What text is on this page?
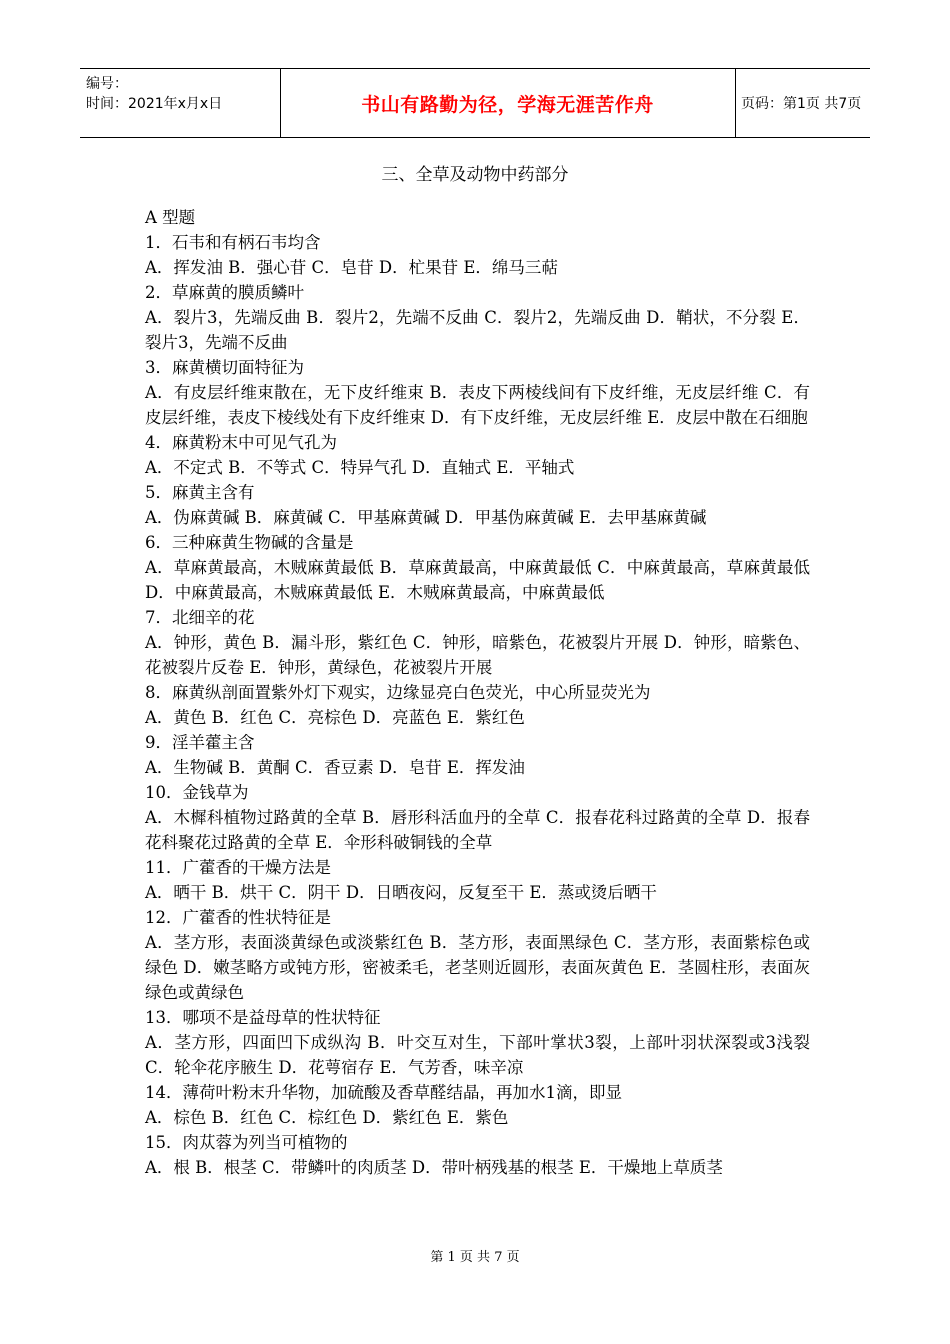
编号：
时间：2021年x月x日	书山有路勤为径，学海无涯苦作舟	页码：第1页 共7页
三、全草及动物中药部分

A 型题

1．石韦和有柄石韦均含

A．挥发油 B．强心苷 C．皂苷 D．杧果苷 E．绵马三萜

2．草麻黄的膜质鳞叶

A．裂片3，先端反曲 B．裂片2，先端不反曲 C．裂片2，先端反曲 D．鞘状，不分裂 E．裂片3，先端不反曲

3．麻黄横切面特征为

A．有皮层纤维束散在，无下皮纤维束 B．表皮下两棱线间有下皮纤维，无皮层纤维 C．有皮层纤维，表皮下棱线处有下皮纤维束 D．有下皮纤维，无皮层纤维 E．皮层中散在石细胞

4．麻黄粉末中可见气孔为

A．不定式 B．不等式 C．特异气孔 D．直轴式 E．平轴式

5．麻黄主含有

A．伪麻黄碱 B．麻黄碱 C．甲基麻黄碱 D．甲基伪麻黄碱 E．去甲基麻黄碱

6．三种麻黄生物碱的含量是

A．草麻黄最高，木贼麻黄最低 B．草麻黄最高，中麻黄最低 C．中麻黄最高，草麻黄最低 D．中麻黄最高，木贼麻黄最低 E．木贼麻黄最高，中麻黄最低

7．北细辛的花

A．钟形，黄色 B．漏斗形，紫红色 C．钟形，暗紫色，花被裂片开展 D．钟形，暗紫色、花被裂片反卷 E．钟形，黄绿色，花被裂片开展

8．麻黄纵剖面置紫外灯下观实，边缘显亮白色荧光，中心所显荧光为

A．黄色 B．红色 C．亮棕色 D．亮蓝色 E．紫红色

9．淫羊藿主含

A．生物碱 B．黄酮 C．香豆素 D．皂苷 E．挥发油

10．金钱草为

A．木樨科植物过路黄的全草 B．唇形科活血丹的全草 C．报春花科过路黄的全草 D．报春花科聚花过路黄的全草 E．伞形科破铜钱的全草

11．广藿香的干燥方法是

A．晒干 B．烘干 C．阴干 D．日晒夜闷，反复至干 E．蒸或烫后晒干

12．广藿香的性状特征是

A．茎方形，表面淡黄绿色或淡紫红色 B．茎方形，表面黑绿色 C．茎方形，表面紫棕色或绿色 D．嫩茎略方或钝方形，密被柔毛，老茎则近圆形，表面灰黄色 E．茎圆柱形，表面灰绿色或黄绿色

13．哪项不是益母草的性状特征

A．茎方形，四面凹下成纵沟 B．叶交互对生，下部叶掌状3裂，上部叶羽状深裂或3浅裂 C．轮伞花序腋生 D．花萼宿存 E．气芳香，味辛凉

14．薄荷叶粉末升华物，加硫酸及香草醛结晶，再加水1滴，即显

A．棕色 B．红色 C．棕红色 D．紫红色 E．紫色

15．肉苁蓉为列当可植物的

A．根 B．根茎 C．带鳞叶的肉质茎 D．带叶柄残基的根茎 E．干燥地上草质茎

第 1 页 共 7 页
